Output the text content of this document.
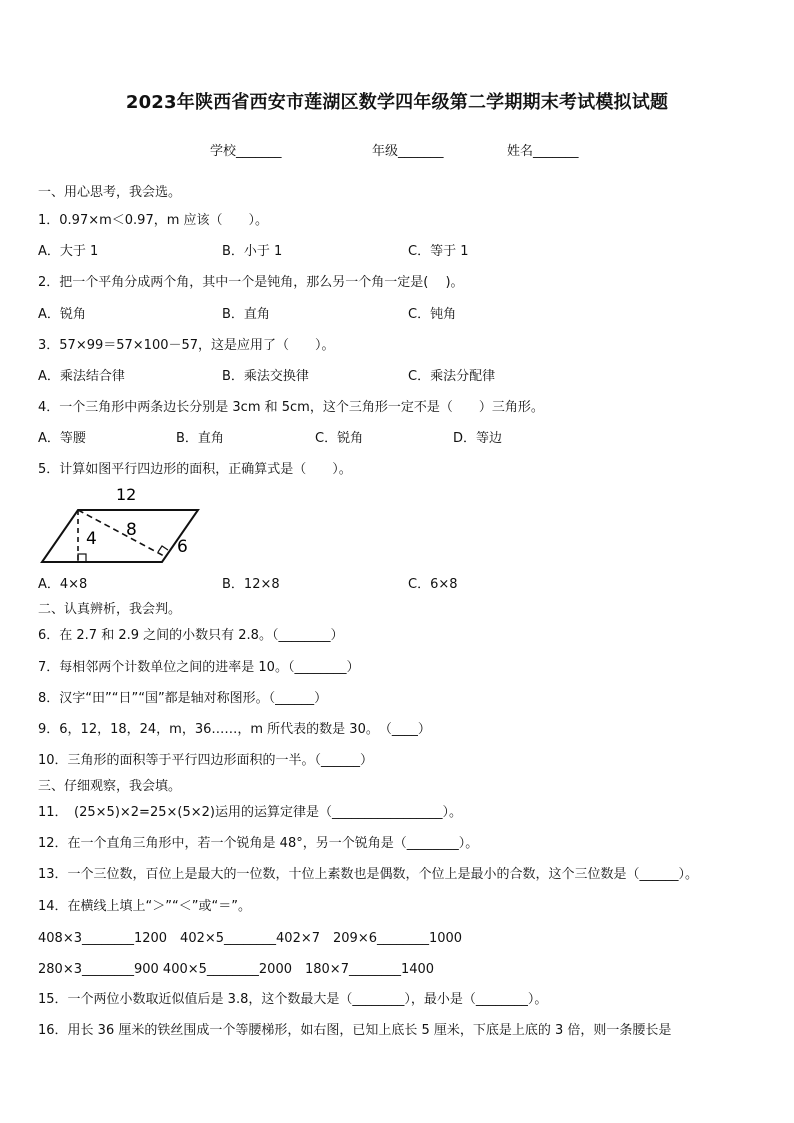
2023年陕西省西安市莲湖区数学四年级第二学期期末考试模拟试题
学校_______	年级_______	姓名_______
一、用心思考，我会选。
1．0.97×m＜0.97，m 应该（　　）。
A．大于 1	B．小于 1	C．等于 1
2．把一个平角分成两个角，其中一个是钝角，那么另一个角一定是(　 )。
A．锐角	B．直角	C．钝角
3．57×99＝57×100－57，这是应用了（　　）。
A．乘法结合律	B．乘法交换律	C．乘法分配律
4．一个三角形中两条边长分别是 3cm 和 5cm，这个三角形一定不是（　　）三角形。
A．等腰	B．直角	C．锐角	D．等边
5．计算如图平行四边形的面积，正确算式是（　　）。
12
4 8
6
A．4×8	B．12×8	C．6×8
二、认真辨析，我会判。
6．在 2.7 和 2.9 之间的小数只有 2.8。（________）
7．每相邻两个计数单位之间的进率是 10。（________）
8．汉字“田”“日”“国”都是轴对称图形。（______）
9．6，12，18，24，m，36……，m 所代表的数是 30。　（____）
10．三角形的面积等于平行四边形面积的一半。（______）
三、仔细观察，我会填。
11．　(25×5)×2=25×(5×2)运用的运算定律是（_________________）。
12．在一个直角三角形中，若一个锐角是 48°，另一个锐角是（________）。
13．一个三位数，百位上是最大的一位数，十位上素数也是偶数，个位上是最小的合数，这个三位数是（______）。
14．在横线上填上“＞”“＜”或“＝”。
408×3________1200　402×5________402×7　209×6________1000
280×3________900 400×5________2000　180×7________1400
15．一个两位小数取近似值后是 3.8，这个数最大是（________），最小是（________）。
16．用长 36 厘米的铁丝围成一个等腰梯形，如右图，已知上底长 5 厘米，下底是上底的 3 倍，则一条腰长是
